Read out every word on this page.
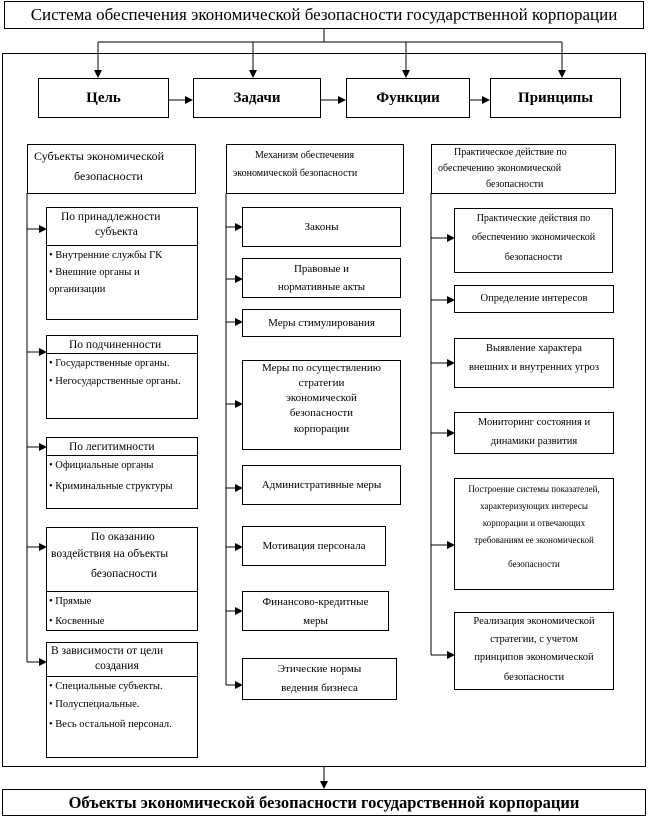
Система обеспечения экономической безопасности государственной корпорации
Цель	Задачи	Функции	Принципы
Субъекты экономической
безопасности
По принадлежности
субъекта
• Внутренние службы ГК
• Внешние органы и
организации
По подчиненности
• Государственные органы.
• Негосударственные органы.
По легитимности
• Официальные органы
• Криминальные структуры
По оказанию
воздействия на объекты
безопасности
• Прямые
• Косвенные
В зависимости от цели
создания
• Специальные субъекты.
• Полуспециальные.
• Весь остальной персонал.
Механизм обеспечения
экономической безопасности
Законы
Правовые и
нормативные акты
Меры стимулирования
Меры по осуществлению
стратегии
экономической
безопасности
корпорации
Административные меры
Мотивация персонала
Финансово-кредитные
меры
Этические нормы
ведения бизнеса
Практическое действие по
обеспечению экономической
безопасности
Практические действия по
обеспечению экономической
безопасности
Определение интересов
Выявление характера
внешних и внутренних угроз
Мониторинг состояния и
динамики развития
Построение системы показателей,
характеризующих интересы
корпорации и отвечающих
требованиям ее экономической
безопасности
Реализация экономической
стратегии, с учетом
принципов экономической
безопасности
Объекты экономической безопасности государственной корпорации
